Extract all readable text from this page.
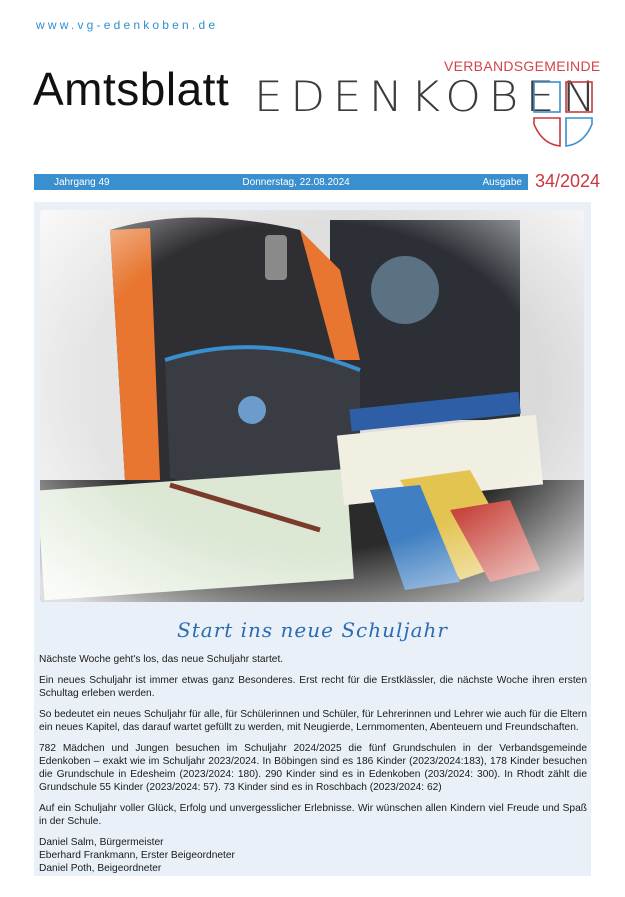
www.vg-edenkoben.de
Amtsblatt	VERBANDSGEMEINDE
EDENKOBEN
Jahrgang 49	Donnerstag, 22.08.2024	Ausgabe 34/2024
Start ins neue Schuljahr

Nächste Woche geht's los, das neue Schuljahr startet.

Ein neues Schuljahr ist immer etwas ganz Besonderes. Erst recht für die Erstklässler, die nächste Woche ihren ersten Schultag erleben werden.

So bedeutet ein neues Schuljahr für alle, für Schülerinnen und Schüler, für Lehrerinnen und Lehrer wie auch für die Eltern ein neues Kapitel, das darauf wartet gefüllt zu werden, mit Neugierde, Lernmomenten, Abenteuern und Freundschaften.

782 Mädchen und Jungen besuchen im Schuljahr 2024/2025 die fünf Grundschulen in der Verbandsgemeinde Edenkoben – exakt wie im Schuljahr 2023/2024. In Böbingen sind es 186 Kinder (2023/2024:183), 178 Kinder besuchen die Grundschule in Edesheim (2023/2024: 180). 290 Kinder sind es in Edenkoben (203/2024: 300). In Rhodt zählt die Grundschule 55 Kinder (2023/2024: 57). 73 Kinder sind es in Roschbach (2023/2024: 62)

Auf ein Schuljahr voller Glück, Erfolg und unvergesslicher Erlebnisse. Wir wünschen allen Kindern viel Freude und Spaß in der Schule.

Daniel Salm, Bürgermeister

Eberhard Frankmann, Erster Beigeordneter

Daniel Poth, Beigeordneter
